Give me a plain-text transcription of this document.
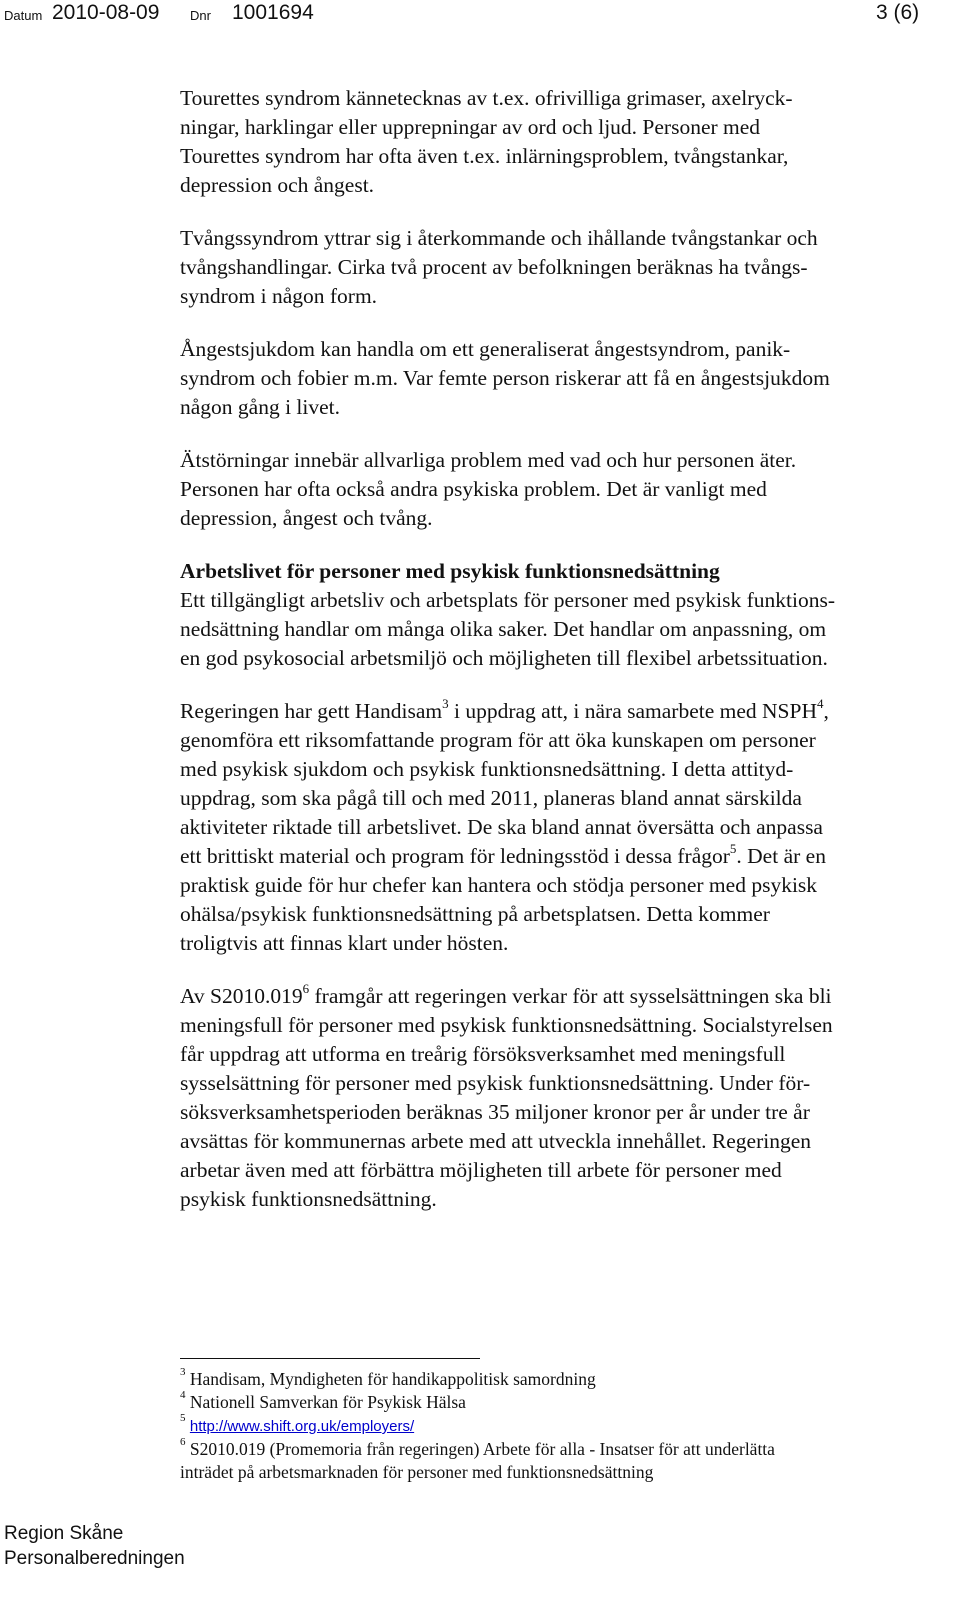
Datum 2010-08-09 Dnr 1001694	3 (6)

Tourettes syndrom kännetecknas av t.ex. ofrivilliga grimaser, axelryck-
ningar, harklingar eller upprepningar av ord och ljud. Personer med
Tourettes syndrom har ofta även t.ex. inlärningsproblem, tvångstankar,
depression och ångest.

Tvångssyndrom yttrar sig i återkommande och ihållande tvångstankar och
tvångshandlingar. Cirka två procent av befolkningen beräknas ha tvångs-
syndrom i någon form.

Ångestsjukdom kan handla om ett generaliserat ångestsyndrom, panik-
syndrom och fobier m.m. Var femte person riskerar att få en ångestsjukdom
någon gång i livet.

Ätstörningar innebär allvarliga problem med vad och hur personen äter.
Personen har ofta också andra psykiska problem. Det är vanligt med
depression, ångest och tvång.

Arbetslivet för personer med psykisk funktionsnedsättning
Ett tillgängligt arbetsliv och arbetsplats för personer med psykisk funktions-
nedsättning handlar om många olika saker. Det handlar om anpassning, om
en god psykosocial arbetsmiljö och möjligheten till flexibel arbetssituation.

Regeringen har gett Handisam$^3$ i uppdrag att, i nära samarbete med NSPH$^4$,
genomföra ett riksomfattande program för att öka kunskapen om personer
med psykisk sjukdom och psykisk funktionsnedsättning. I detta attityd-
uppdrag, som ska pågå till och med 2011, planeras bland annat särskilda
aktiviteter riktade till arbetslivet. De ska bland annat översätta och anpassa
ett brittiskt material och program för ledningsstöd i dessa frågor$^5$. Det är en
praktisk guide för hur chefer kan hantera och stödja personer med psykisk
ohälsa/psykisk funktionsnedsättning på arbetsplatsen. Detta kommer
troligtvis att finnas klart under hösten.

Av S2010.019$^6$ framgår att regeringen verkar för att sysselsättningen ska bli
meningsfull för personer med psykisk funktionsnedsättning. Socialstyrelsen
får uppdrag att utforma en treårig försöksverksamhet med meningsfull
sysselsättning för personer med psykisk funktionsnedsättning. Under för-
söksverksamhetsperioden beräknas 35 miljoner kronor per år under tre år
avsättas för kommunernas arbete med att utveckla innehållet. Regeringen
arbetar även med att förbättra möjligheten till arbete för personer med
psykisk funktionsnedsättning.

$^3$ Handisam, Myndigheten för handikappolitisk samordning
$^4$ Nationell Samverkan för Psykisk Hälsa
$^5$ http://www.shift.org.uk/employers/
$^6$ S2010.019 (Promemoria från regeringen) Arbete för alla - Insatser för att underlätta
inträdet på arbetsmarknaden för personer med funktionsnedsättning
Region Skåne
Personalberedningen
